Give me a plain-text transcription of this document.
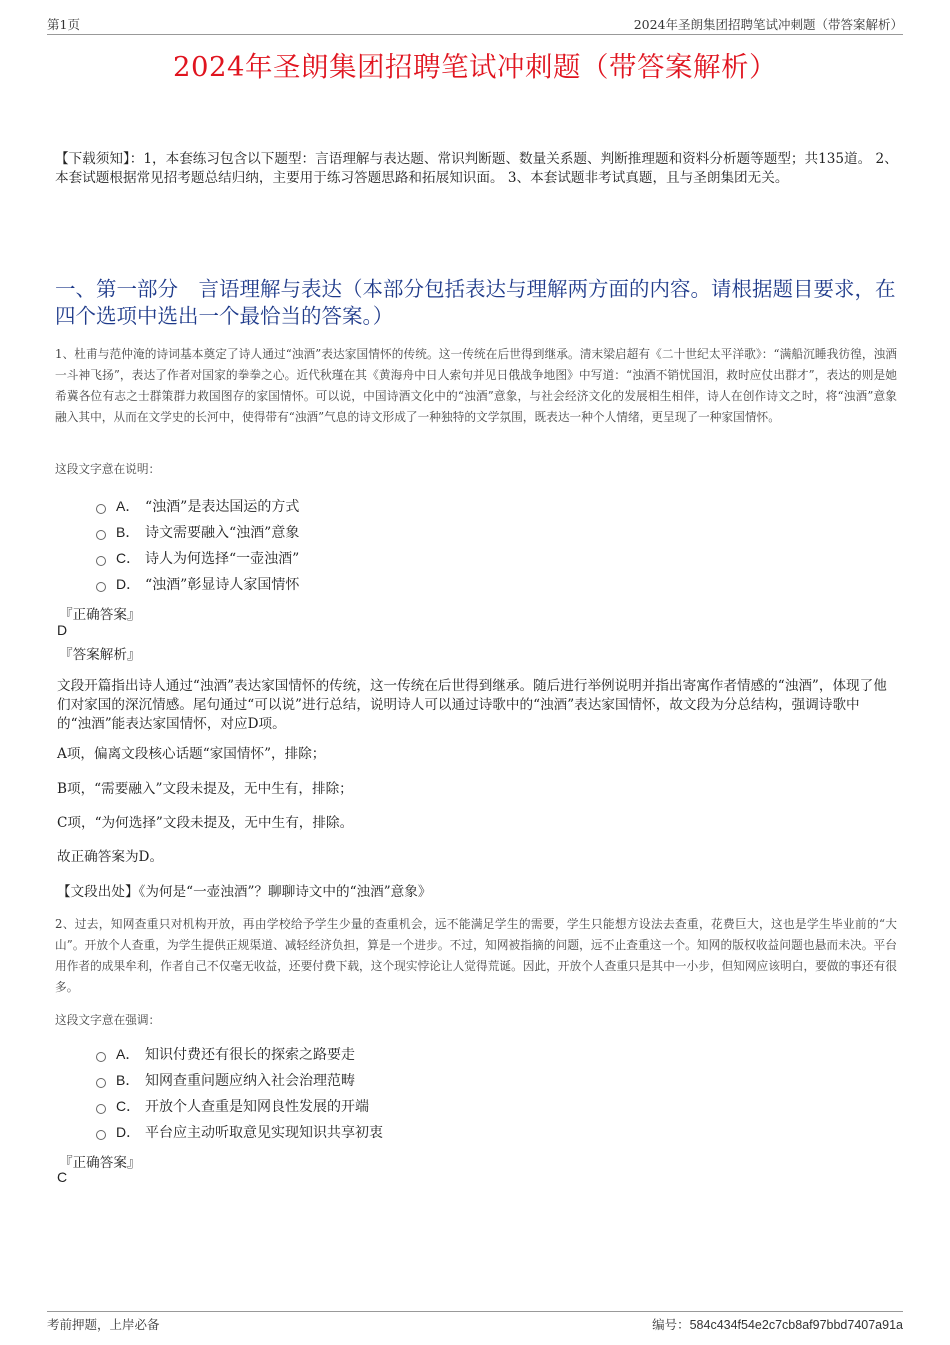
第1页	2024年圣朗集团招聘笔试冲刺题（带答案解析）
2024年圣朗集团招聘笔试冲刺题（带答案解析）
【下载须知】：1，本套练习包含以下题型：言语理解与表达题、常识判断题、数量关系题、判断推理题和资料分析题等题型；共135道。 2、本套试题根据常见招考题总结归纳，主要用于练习答题思路和拓展知识面。 3、本套试题非考试真题，且与圣朗集团无关。
一、第一部分　言语理解与表达（本部分包括表达与理解两方面的内容。请根据题目要求，在四个选项中选出一个最恰当的答案。）
1、杜甫与范仲淹的诗词基本奠定了诗人通过“浊酒”表达家国情怀的传统。这一传统在后世得到继承。清末梁启超有《二十世纪太平洋歌》：“满船沉睡我彷徨，浊酒一斗神飞扬”，表达了作者对国家的拳拳之心。近代秋瑾在其《黄海舟中日人索句并见日俄战争地图》中写道：“浊酒不销忧国泪，救时应仗出群才”，表达的则是她希冀各位有志之士群策群力救国图存的家国情怀。可以说，中国诗酒文化中的“浊酒”意象，与社会经济文化的发展相生相伴，诗人在创作诗文之时，将“浊酒”意象融入其中，从而在文学史的长河中，使得带有“浊酒”气息的诗文形成了一种独特的文学氛围，既表达一种个人情绪，更呈现了一种家国情怀。
这段文字意在说明：
A． “浊酒”是表达国运的方式
B． 诗文需要融入“浊酒”意象
C． 诗人为何选择“一壶浊酒”
D． “浊酒”彰显诗人家国情怀
『正确答案』
D
『答案解析』
文段开篇指出诗人通过“浊酒”表达家国情怀的传统，这一传统在后世得到继承。随后进行举例说明并指出寄寓作者情感的“浊酒”，体现了他们对家国的深沉情感。尾句通过“可以说”进行总结，说明诗人可以通过诗歌中的“浊酒”表达家国情怀，故文段为分总结构，强调诗歌中的“浊酒”能表达家国情怀，对应D项。
A项，偏离文段核心话题“家国情怀”，排除；
B项，“需要融入”文段未提及，无中生有，排除；
C项，“为何选择”文段未提及，无中生有，排除。
故正确答案为D。
【文段出处】《为何是“一壶浊酒”？聊聊诗文中的“浊酒”意象》
2、过去，知网查重只对机构开放，再由学校给予学生少量的查重机会，远不能满足学生的需要，学生只能想方设法去查重，花费巨大，这也是学生毕业前的“大山”。开放个人查重，为学生提供正规渠道、减轻经济负担，算是一个进步。不过，知网被指摘的问题，远不止查重这一个。知网的版权收益问题也悬而未决。平台用作者的成果牟利，作者自己不仅毫无收益，还要付费下载，这个现实悖论让人觉得荒诞。因此，开放个人查重只是其中一小步，但知网应该明白，要做的事还有很多。
这段文字意在强调：
A． 知识付费还有很长的探索之路要走
B． 知网查重问题应纳入社会治理范畴
C． 开放个人查重是知网良性发展的开端
D． 平台应主动听取意见实现知识共享初衷
『正确答案』
C
考前押题，上岸必备	编号：584c434f54e2c7cb8af97bbd7407a91a
